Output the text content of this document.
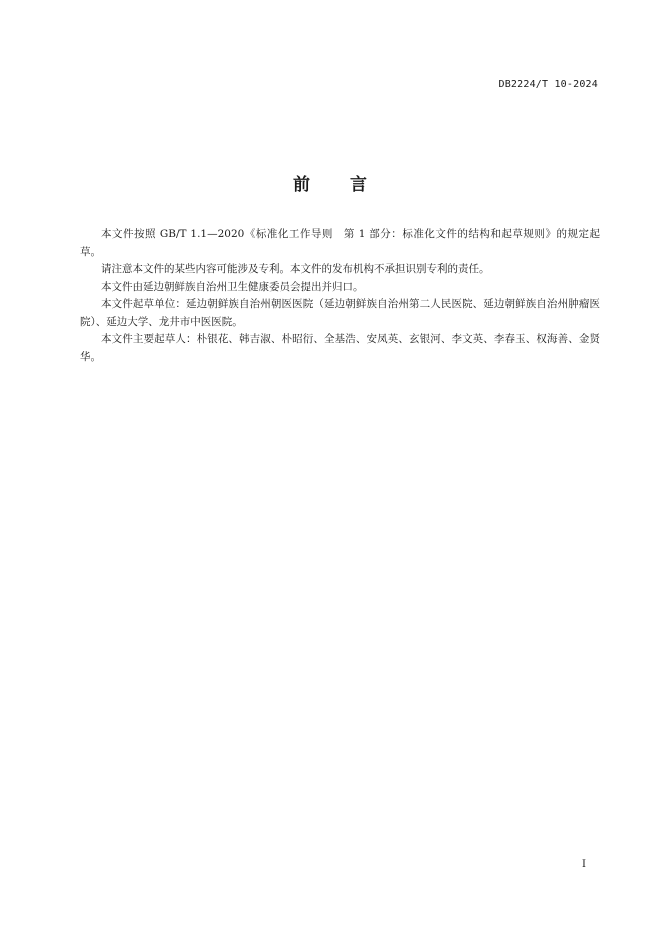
DB2224/T 10-2024
前　　言

本文件按照 GB/T 1.1—2020《标准化工作导则　第 1 部分：标准化文件的结构和起草规则》的规定起草。

请注意本文件的某些内容可能涉及专利。本文件的发布机构不承担识别专利的责任。

本文件由延边朝鲜族自治州卫生健康委员会提出并归口。

本文件起草单位：延边朝鲜族自治州朝医医院（延边朝鲜族自治州第二人民医院、延边朝鲜族自治州肿瘤医院）、延边大学、龙井市中医医院。

本文件主要起草人：朴银花、韩吉淑、朴昭衍、全基浩、安凤英、玄银河、李文英、李春玉、权海善、金贤华。

I
